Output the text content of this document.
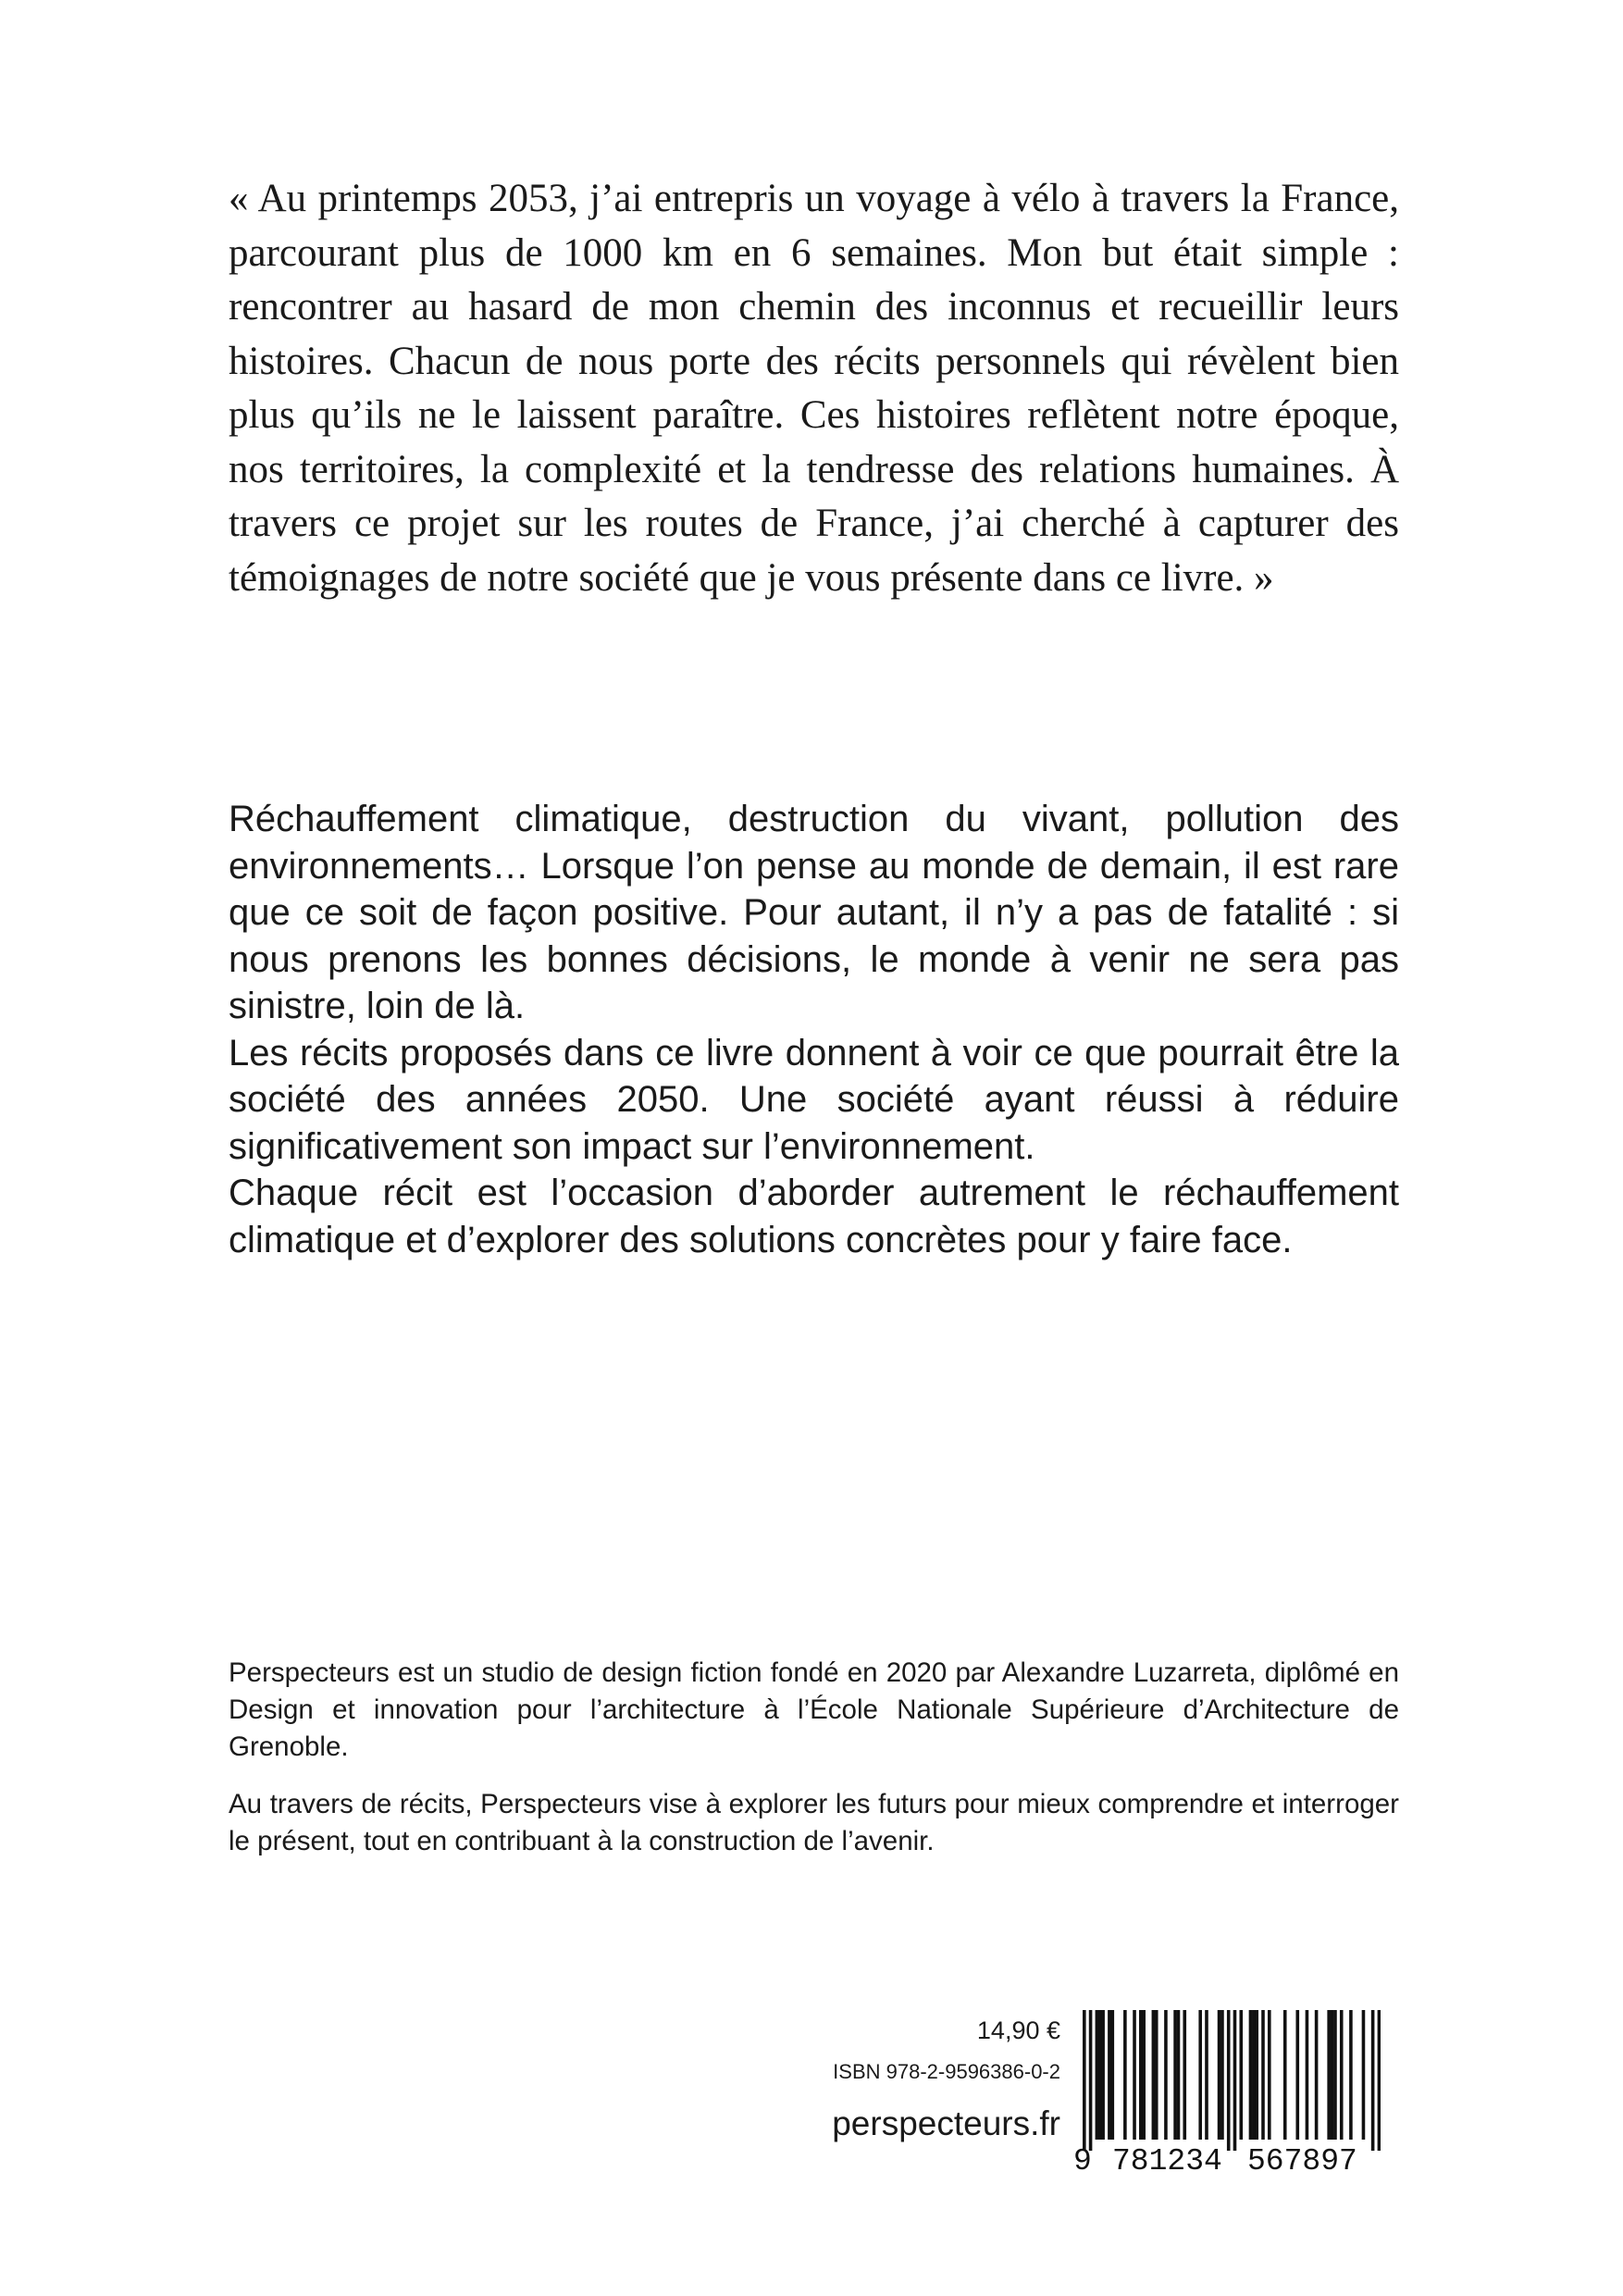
« Au printemps 2053, j’ai entrepris un voyage à vélo à travers la France, parcourant plus de 1000 km en 6 semaines. Mon but était simple : rencontrer au hasard de mon chemin des inconnus et recueillir leurs histoires. Chacun de nous porte des récits personnels qui révèlent bien plus qu’ils ne le laissent paraître. Ces histoires reflètent notre époque, nos territoires, la complexité et la tendresse des relations humaines. À travers ce projet sur les routes de France, j’ai cherché à capturer des témoignages de notre société que je vous présente dans ce livre. »

Réchauffement climatique, destruction du vivant, pollution des environnements… Lorsque l’on pense au monde de demain, il est rare que ce soit de façon positive. Pour autant, il n’y a pas de fatalité : si nous prenons les bonnes décisions, le monde à venir ne sera pas sinistre, loin de là.

Les récits proposés dans ce livre donnent à voir ce que pourrait être la société des années 2050. Une société ayant réussi à réduire significativement son impact sur l’environnement.

Chaque récit est l’occasion d’aborder autrement le réchauffement climatique et d’explorer des solutions concrètes pour y faire face.

Perspecteurs est un studio de design fiction fondé en 2020 par Alexandre Luzarreta, diplômé en Design et innovation pour l’architecture à l’École Nationale Supérieure d’Architecture de Grenoble.

Au travers de récits, Perspecteurs vise à explorer les futurs pour mieux comprendre et interroger le présent, tout en contribuant à la construction de l’avenir.

14,90 €
ISBN 978-2-9596386-0-2
perspecteurs.fr
9 781234 567897
